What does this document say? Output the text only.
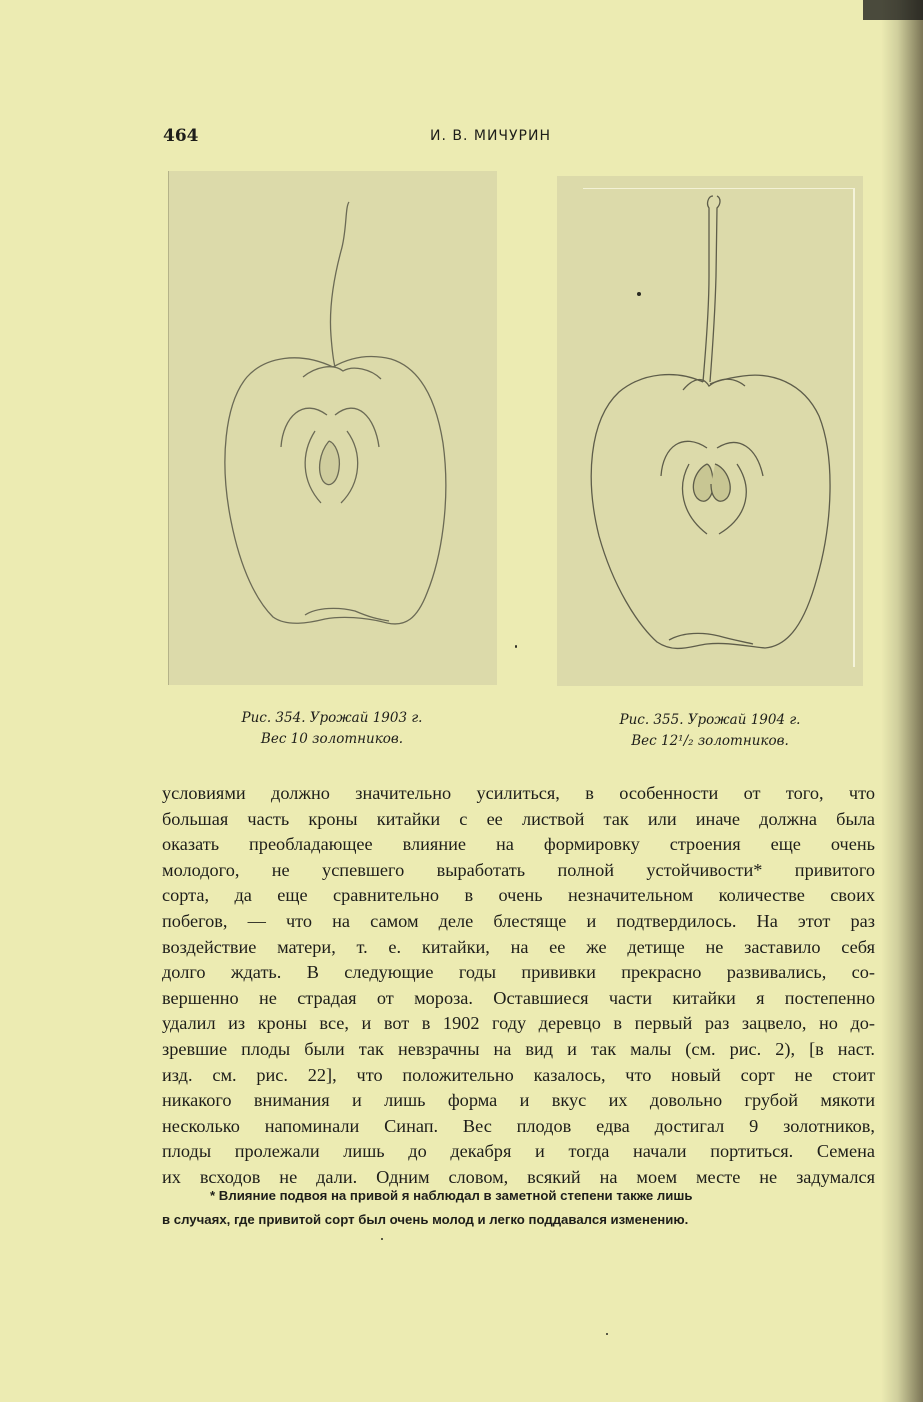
464	И. В. МИЧУРИН
Рис. 354. Урожай 1903 г.
Вес 10 золотников.
Рис. 355. Урожай 1904 г.
Вес 12¹/₂ золотников.
условиями должно значительно усилиться, в особенности от того, что
большая часть кроны китайки с ее листвой так или иначе должна была
оказать преобладающее влияние на формировку строения еще очень
молодого, не успевшего выработать полной устойчивости* привитого
сорта, да еще сравнительно в очень незначительном количестве своих
побегов, — что на самом деле блестяще и подтвердилось. На этот раз
воздействие матери, т. е. китайки, на ее же детище не заставило себя
долго ждать. В следующие годы прививки прекрасно развивались, со-
вершенно не страдая от мороза. Оставшиеся части китайки я постепенно
удалил из кроны все, и вот в 1902 году деревцо в первый раз зацвело, но до-
зревшие плоды были так невзрачны на вид и так малы (см. рис. 2), [в наст.
изд. см. рис. 22], что положительно казалось, что новый сорт не стоит
никакого внимания и лишь форма и вкус их довольно грубой мякоти
несколько напоминали Синап. Вес плодов едва достигал 9 золотников,
плоды пролежали лишь до декабря и тогда начали портиться. Семена
их всходов не дали. Одним словом, всякий на моем месте не задумался
* Влияние подвоя на привой я наблюдал в заметной степени также лишь
в случаях, где привитой сорт был очень молод и легко поддавался изменению.
